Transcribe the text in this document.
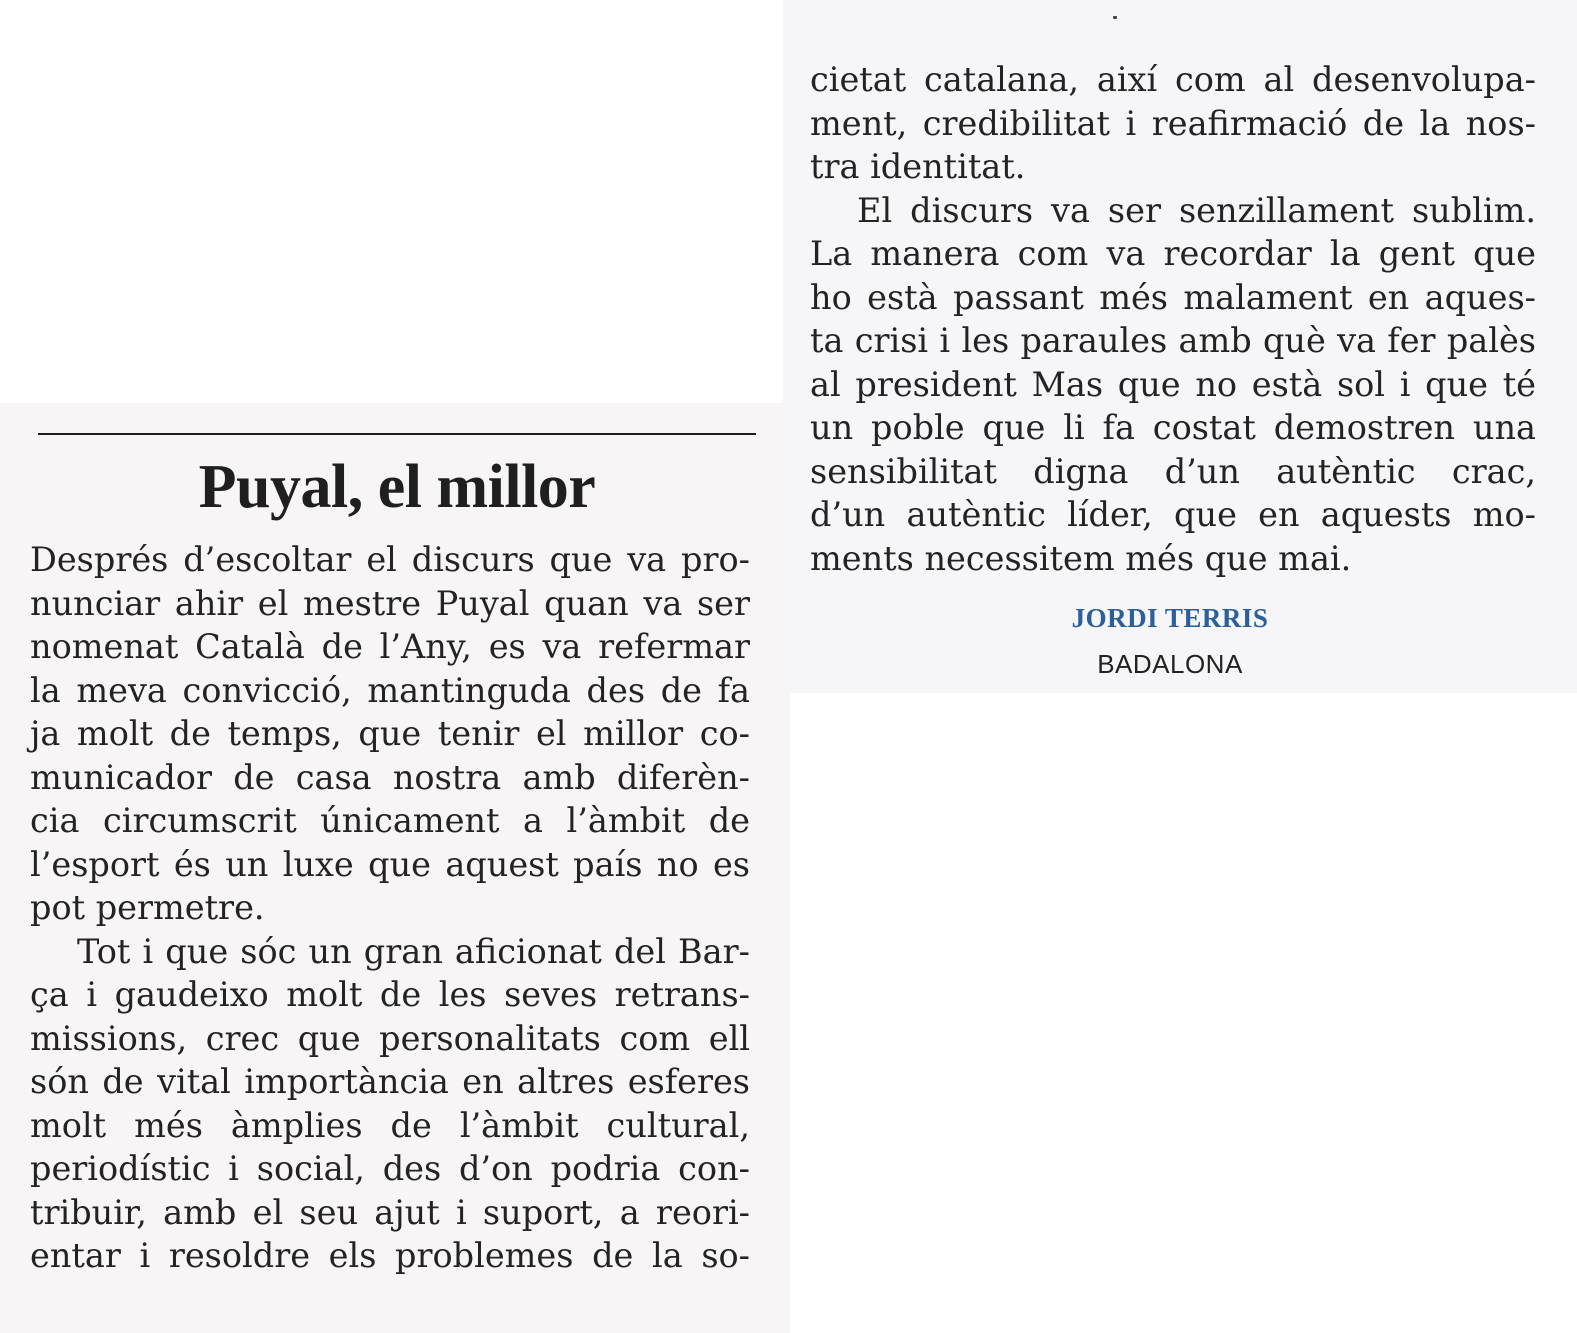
Puyal, el millor
Després d’escoltar el discurs que va pro-
nunciar ahir el mestre Puyal quan va ser
nomenat Català de l’Any, es va refermar
la meva convicció, mantinguda des de fa
ja molt de temps, que tenir el millor co-
municador de casa nostra amb diferèn-
cia circumscrit únicament a l’àmbit de
l’esport és un luxe que aquest país no es
pot permetre.
Tot i que sóc un gran aficionat del Bar-
ça i gaudeixo molt de les seves retrans-
missions, crec que personalitats com ell
són de vital importància en altres esferes
molt més àmplies de l’àmbit cultural,
periodístic i social, des d’on podria con-
tribuir, amb el seu ajut i suport, a reori-
entar i resoldre els problemes de la so-
cietat catalana, així com al desenvolupa-
ment, credibilitat i reafirmació de la nos-
tra identitat.
El discurs va ser senzillament sublim.
La manera com va recordar la gent que
ho està passant més malament en aques-
ta crisi i les paraules amb què va fer palès
al president Mas que no està sol i que té
un poble que li fa costat demostren una
sensibilitat digna d’un autèntic crac,
d’un autèntic líder, que en aquests mo-
ments necessitem més que mai.
JORDI TERRIS
BADALONA
